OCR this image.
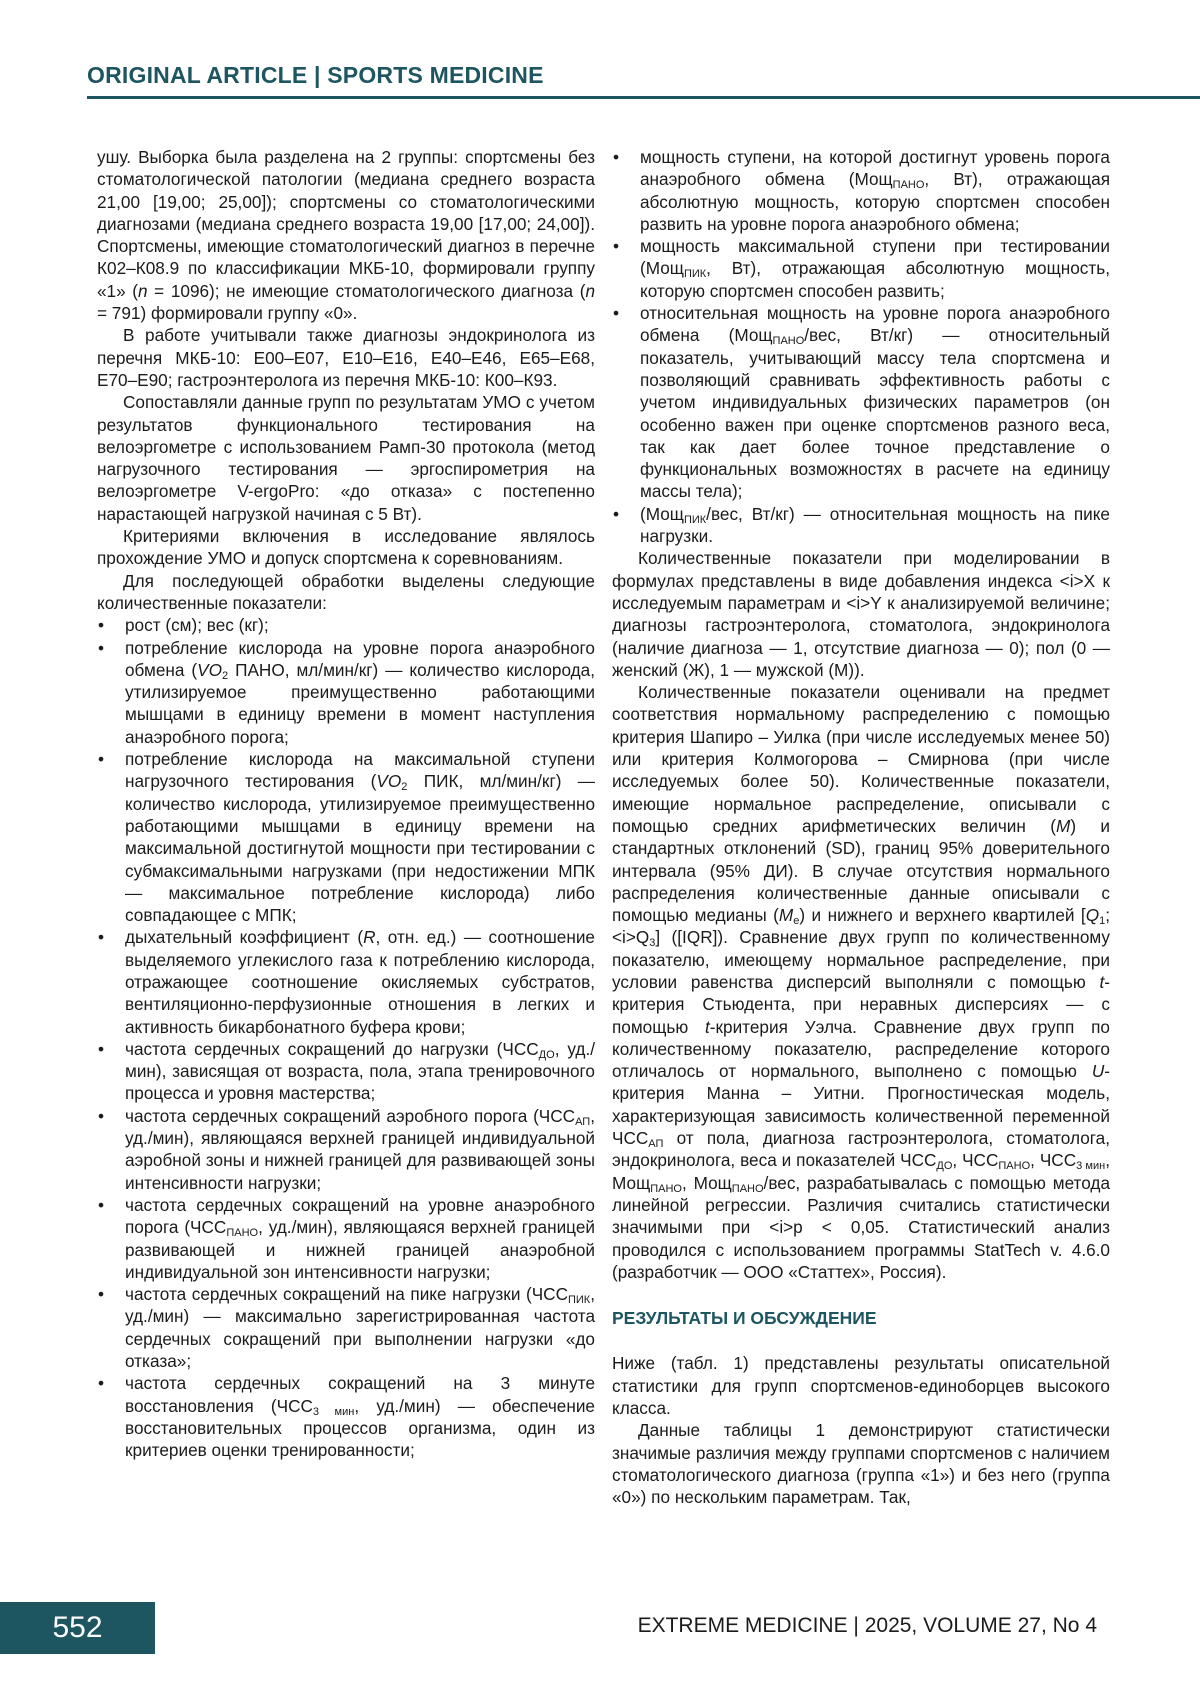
ORIGINAL ARTICLE | SPORTS MEDICINE

ушу. Выборка была разделена на 2 группы: спортсмены без стоматологической патологии (медиана среднего возраста 21,00 [19,00; 25,00]); спортсмены со стоматологическими диагнозами (медиана среднего возраста 19,00 [17,00; 24,00]). Спортсмены, имеющие стоматологический диагноз в перечне К02–К08.9 по классификации МКБ-10, формировали группу «1» (n = 1096); не имеющие стоматологического диагноза (n = 791) формировали группу «0».

В работе учитывали также диагнозы эндокринолога из перечня МКБ-10: Е00–Е07, Е10–Е16, Е40–Е46, Е65–Е68, Е70–Е90; гастроэнтеролога из перечня МКБ-10: К00–К93.

Сопоставляли данные групп по результатам УМО с учетом результатов функционального тестирования на велоэргометре с использованием Рамп-30 протокола (метод нагрузочного тестирования — эргоспирометрия на велоэргометре V-ergoPro: «до отказа» с постепенно нарастающей нагрузкой начиная с 5 Вт).

Критериями включения в исследование являлось прохождение УМО и допуск спортсмена к соревнованиям.

Для последующей обработки выделены следующие количественные показатели:

• рост (см); вес (кг);
• потребление кислорода на уровне порога анаэробного обмена ($VO_2$ ПАНО, мл/мин/кг) — количество кислорода, утилизируемое преимущественно работающими мышцами в единицу времени в момент наступления анаэробного порога;
• потребление кислорода на максимальной ступени нагрузочного тестирования ($VO_2$ ПИК, мл/мин/кг) — количество кислорода, утилизируемое преимущественно работающими мышцами в единицу времени на максимальной достигнутой мощности при тестировании с субмаксимальными нагрузками (при недостижении МПК — максимальное потребление кислорода) либо совпадающее с МПК;
• дыхательный коэффициент (R, отн. ед.) — соотношение выделяемого углекислого газа к потреблению кислорода, отражающее соотношение окисляемых субстратов, вентиляционно-перфузионные отношения в легких и активность бикарбонатного буфера крови;
• частота сердечных сокращений до нагрузки ($ЧСС_{ДО}$, уд./мин), зависящая от возраста, пола, этапа тренировочного процесса и уровня мастерства;
• частота сердечных сокращений аэробного порога ($ЧСС_{АП}$, уд./мин), являющаяся верхней границей индивидуальной аэробной зоны и нижней границей для развивающей зоны интенсивности нагрузки;
• частота сердечных сокращений на уровне анаэробного порога ($ЧСС_{ПАНО}$, уд./мин), являющаяся верхней границей развивающей и нижней границей анаэробной индивидуальной зон интенсивности нагрузки;
• частота сердечных сокращений на пике нагрузки ($ЧСС_{ПИК}$, уд./мин) — максимально зарегистрированная частота сердечных сокращений при выполнении нагрузки «до отказа»;
• частота сердечных сокращений на 3 минуте восстановления ($ЧСС_{3 мин}$, уд./мин) — обеспечение восстановительных процессов организма, один из критериев оценки тренированности;
• мощность ступени, на которой достигнут уровень порога анаэробного обмена (Мощ$_{ПАНО}$, Вт), отражающая абсолютную мощность, которую спортсмен способен развить на уровне порога анаэробного обмена;
• мощность максимальной ступени при тестировании (Мощ$_{ПИК}$, Вт), отражающая абсолютную мощность, которую спортсмен способен развить;
• относительная мощность на уровне порога анаэробного обмена (Мощ$_{ПАНО}$/вес, Вт/кг) — относительный показатель, учитывающий массу тела спортсмена и позволяющий сравнивать эффективность работы с учетом индивидуальных физических параметров (он особенно важен при оценке спортсменов разного веса, так как дает более точное представление о функциональных возможностях в расчете на единицу массы тела);
• (Мощ$_{ПИК}$/вес, Вт/кг) — относительная мощность на пике нагрузки.

Количественные показатели при моделировании в формулах представлены в виде добавления индекса <i>X к исследуемым параметрам и <i>Y к анализируемой величине; диагнозы гастроэнтеролога, стоматолога, эндокринолога (наличие диагноза — 1, отсутствие диагноза — 0); пол (0 — женский (Ж), 1 — мужской (М)).

Количественные показатели оценивали на предмет соответствия нормальному распределению с помощью критерия Шапиро – Уилка (при числе исследуемых менее 50) или критерия Колмогорова – Смирнова (при числе исследуемых более 50). Количественные показатели, имеющие нормальное распределение, описывали с помощью средних арифметических величин (M) и стандартных отклонений (SD), границ 95% доверительного интервала (95% ДИ). В случае отсутствия нормального распределения количественные данные описывали с помощью медианы $(M_e)$ и нижнего и верхнего квартилей [$Q_1$; $<i>Q_3$] ([IQR]). Сравнение двух групп по количественному показателю, имеющему нормальное распределение, при условии равенства дисперсий выполняли с помощью t-критерия Стьюдента, при неравных дисперсиях — с помощью t-критерия Уэлча. Сравнение двух групп по количественному показателю, распределение которого отличалось от нормального, выполнено с помощью U-критерия Манна – Уитни. Прогностическая модель, характеризующая зависимость количественной переменной $ЧСС_{АП}$ от пола, диагноза гастроэнтеролога, стоматолога, эндокринолога, веса и показателей $ЧСС_{ДО}$, $ЧСС_{ПАНО}$, $ЧСС_{3 мин}$, Мощ$_{ПАНО}$, Мощ$_{ПАНО}$/вес, разрабатывалась с помощью метода линейной регрессии. Различия считались статистически значимыми при <i>p < 0,05. Статистический анализ проводился с использованием программы StatTech v. 4.6.0 (разработчик — ООО «Статтех», Россия).

РЕЗУЛЬТАТЫ И ОБСУЖДЕНИЕ

Ниже (табл. 1) представлены результаты описательной статистики для групп спортсменов-единоборцев высокого класса.

Данные таблицы 1 демонстрируют статистически значимые различия между группами спортсменов с наличием стоматологического диагноза (группа «1») и без него (группа «0») по нескольким параметрам. Так,

552	EXTREME MEDICINE | 2025, VOLUME 27, No 4
